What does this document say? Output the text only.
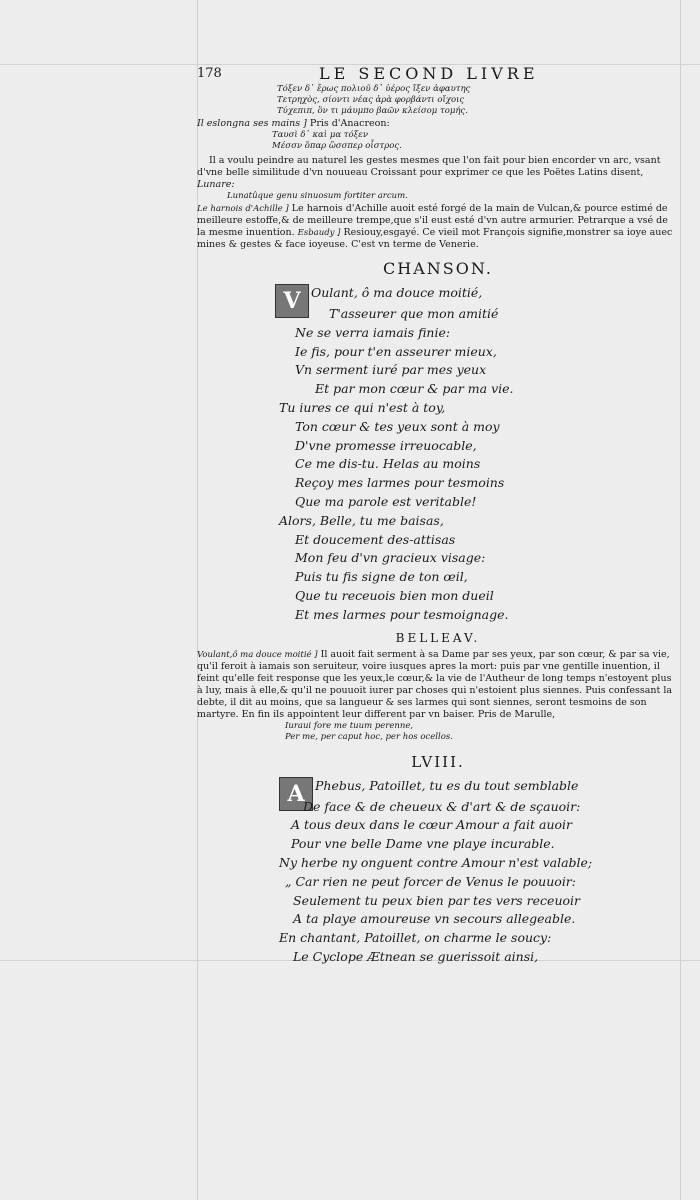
178	LE SECOND LIVRE
Τόξεν δ᾽ ἔρως πολιοῦ δ᾽ ὑέρος ἴξεν ἀφαυτης
Τετρηχὸς, σίοντι νέας ἀρὰ φορβάντι οἴχοις
Τύχεπιπ, ὃν τι μάυμπο βαῶν κλείσομ τομής.
Il eslongna ses mains ] Pris d'Anacreon:
Ταυσὶ δ᾽ καὶ μα τόξεν
Μέσσν ὅπαρ ὥσσπερ οἶστρος.
Il a voulu peindre au naturel les gestes mesmes que l'on fait pour bien encorder vn arc, vsant d'vne belle similitude d'vn nouueau Croissant pour exprimer ce que les Poëtes Latins disent, Lunare:
Lunatûque genu sinuosum fortiter arcum.
Le harnois d'Achille ] Le harnois d'Achille auoit esté forgé de la main de Vulcan,& pource estimé de meilleure estoffe,& de meilleure trempe,que s'il eust esté d'vn autre armurier. Petrarque a vsé de la mesme inuention. Esbaudy ] Resiouy,esgayé. Ce vieil mot François signifie,monstrer sa ioye auec mines & gestes & face ioyeuse. C'est vn terme de Venerie.
CHANSON.
V Oulant, ô ma douce moitié,
T'asseurer que mon amitié
Ne se verra iamais finie:
Ie fis, pour t'en asseurer mieux,
Vn serment iuré par mes yeux
Et par mon cœur & par ma vie.
Tu iures ce qui n'est à toy,
Ton cœur & tes yeux sont à moy
D'vne promesse irreuocable,
Ce me dis-tu. Helas au moins
Reçoy mes larmes pour tesmoins
Que ma parole est veritable!
Alors, Belle, tu me baisas,
Et doucement des-attisas
Mon feu d'vn gracieux visage:
Puis tu fis signe de ton œil,
Que tu receuois bien mon dueil
Et mes larmes pour tesmoignage.
BELLEAV.
Voulant,ô ma douce moitié ] Il auoit fait serment à sa Dame par ses yeux, par son cœur, & par sa vie, qu'il feroit à iamais son seruiteur, voire iusques apres la mort: puis par vne gentille inuention, il feint qu'elle feit response que les yeux,le cœur,& la vie de l'Autheur de long temps n'estoyent plus à luy, mais à elle,& qu'il ne pouuoit iurer par choses qui n'estoient plus siennes. Puis confessant la debte, il dit au moins, que sa langueur & ses larmes qui sont siennes, seront tesmoins de son martyre. En fin ils appointent leur different par vn baiser. Pris de Marulle,
Iuraui fore me tuum perenne,
Per me, per caput hoc, per hos ocellos.
LVIII.
A Phebus, Patoillet, tu es du tout semblable
De face & de cheueux & d'art & de sçauoir:
A tous deux dans le cœur Amour a fait auoir
Pour vne belle Dame vne playe incurable.
Ny herbe ny onguent contre Amour n'est valable;
„ Car rien ne peut forcer de Venus le pouuoir:
Seulement tu peux bien par tes vers receuoir
A ta playe amoureuse vn secours allegeable.
En chantant, Patoillet, on charme le soucy:
Le Cyclope Ætnean se guerissoit ainsi,
